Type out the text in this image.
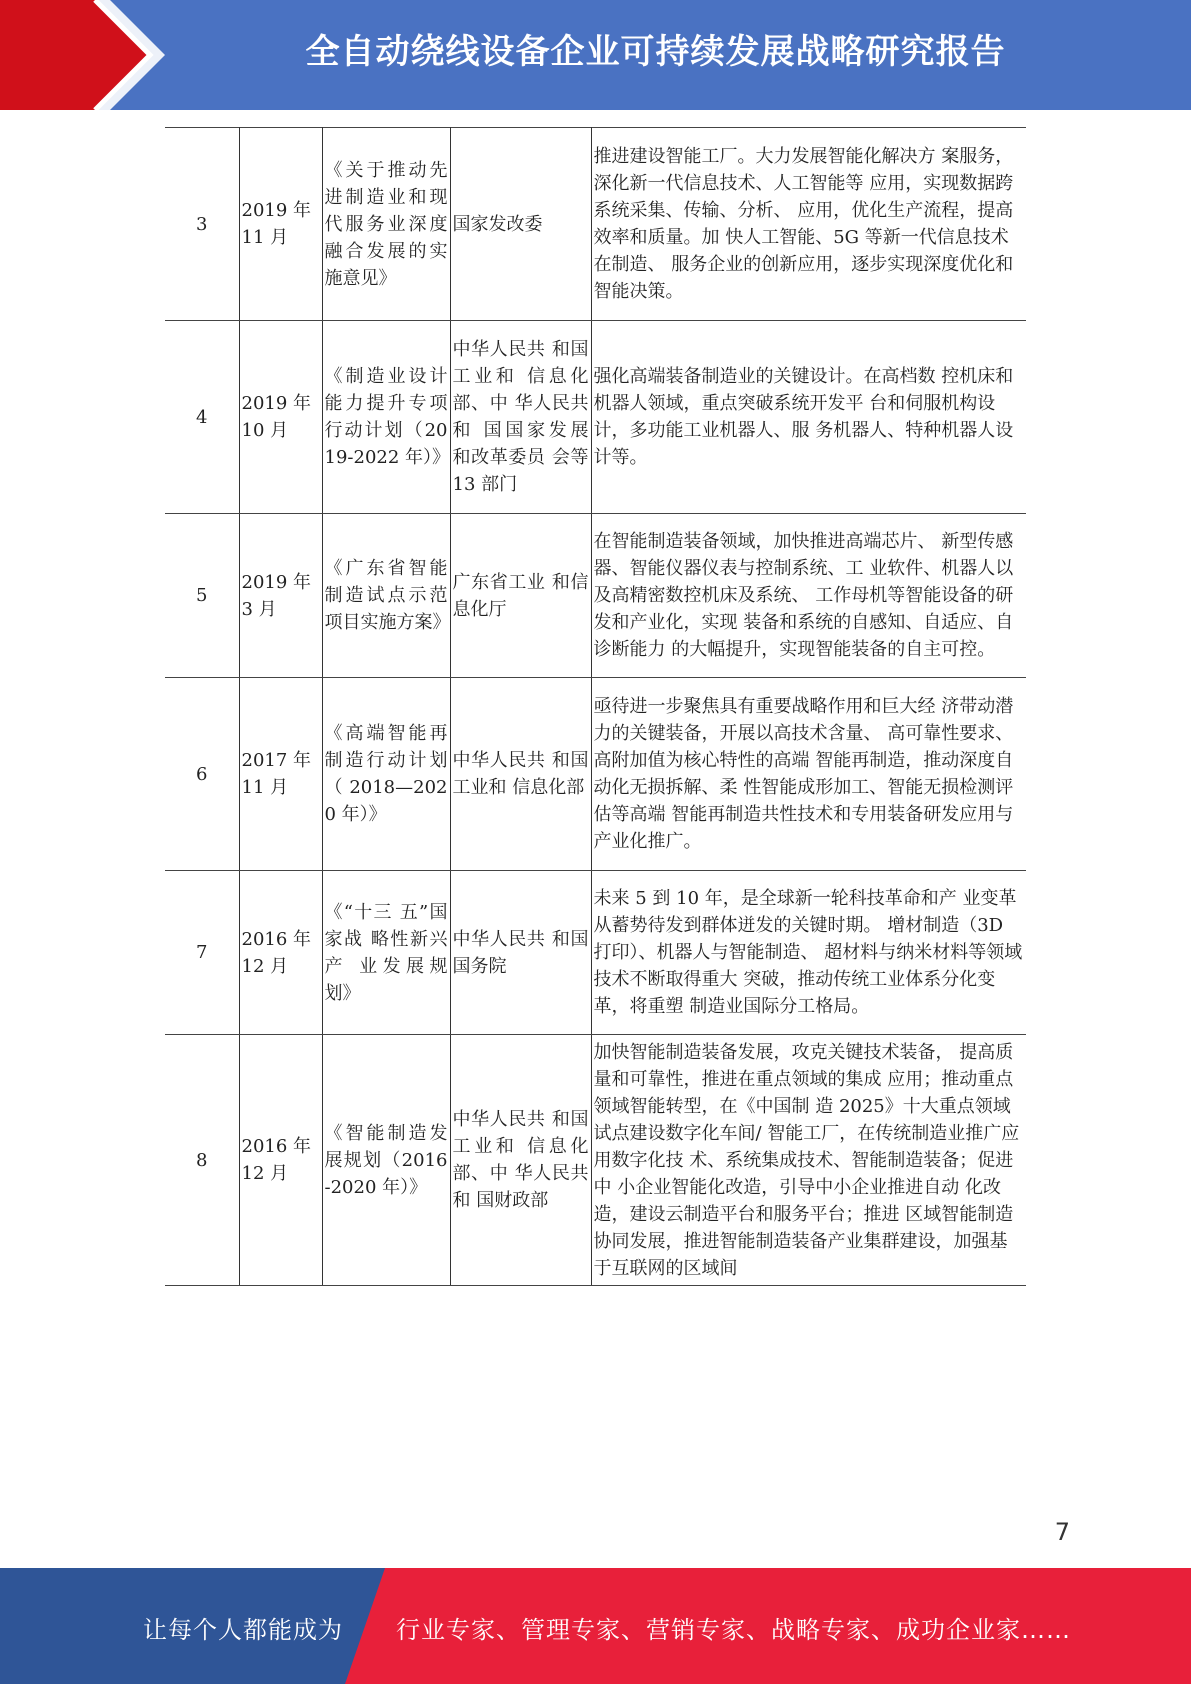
全自动绕线设备企业可持续发展战略研究报告
3	2019 年 11 月	《关于推动先进制造业和现代服务业深度融合发展的实施意见》	国家发改委	推进建设智能工厂。大力发展智能化解决方 案服务，深化新一代信息技术、人工智能等 应用，实现数据跨系统采集、传输、分析、 应用，优化生产流程，提高效率和质量。加 快人工智能、5G 等新一代信息技术在制造、 服务企业的创新应用，逐步实现深度优化和 智能决策。
4	2019 年 10 月	《制造业设计能力提升专项行动计划（2019-2022 年）》	中华人民共 和国工业和 信息化部、中 华人民共和 国国家发展 和改革委员 会等 13 部门	强化高端装备制造业的关键设计。在高档数 控机床和机器人领域，重点突破系统开发平 台和伺服机构设计，多功能工业机器人、服 务机器人、特种机器人设计等。
5	2019 年 3 月	《广东省智能制造试点示范项目实施方案》	广东省工业 和信息化厅	在智能制造装备领域，加快推进高端芯片、 新型传感器、智能仪器仪表与控制系统、工 业软件、机器人以及高精密数控机床及系统、 工作母机等智能设备的研发和产业化，实现 装备和系统的自感知、自适应、自诊断能力 的大幅提升，实现智能装备的自主可控。
6	2017 年 11 月	《高端智能再制造行动计划（2018—2020 年）》	中华人民共 和国工业和 信息化部	亟待进一步聚焦具有重要战略作用和巨大经 济带动潜力的关键装备，开展以高技术含量、 高可靠性要求、高附加值为核心特性的高端 智能再制造，推动深度自动化无损拆解、柔 性智能成形加工、智能无损检测评估等高端 智能再制造共性技术和专用装备研发应用与 产业化推广。
7	2016 年 12 月	《“十三 五”国家战 略性新兴产 业发展规 划》	中华人民共 和国国务院	未来 5 到 10 年，是全球新一轮科技革命和产 业变革从蓄势待发到群体迸发的关键时期。 增材制造（3D 打印）、机器人与智能制造、 超材料与纳米材料等领域技术不断取得重大 突破，推动传统工业体系分化变革，将重塑 制造业国际分工格局。
8	2016 年 12 月	《智能制造发展规划（2016-2020 年）》	中华人民共 和国工业和 信息化部、中 华人民共和 国财政部	加快智能制造装备发展，攻克关键技术装备， 提高质量和可靠性，推进在重点领域的集成 应用；推动重点领域智能转型，在《中国制 造 2025》十大重点领域试点建设数字化车间/ 智能工厂，在传统制造业推广应用数字化技 术、系统集成技术、智能制造装备；促进中 小企业智能化改造，引导中小企业推进自动 化改造，建设云制造平台和服务平台；推进 区域智能制造协同发展，推进智能制造装备产业集群建设，加强基于互联网的区域间
7
让每个人都能成为 行业专家、管理专家、营销专家、战略专家、成功企业家……
